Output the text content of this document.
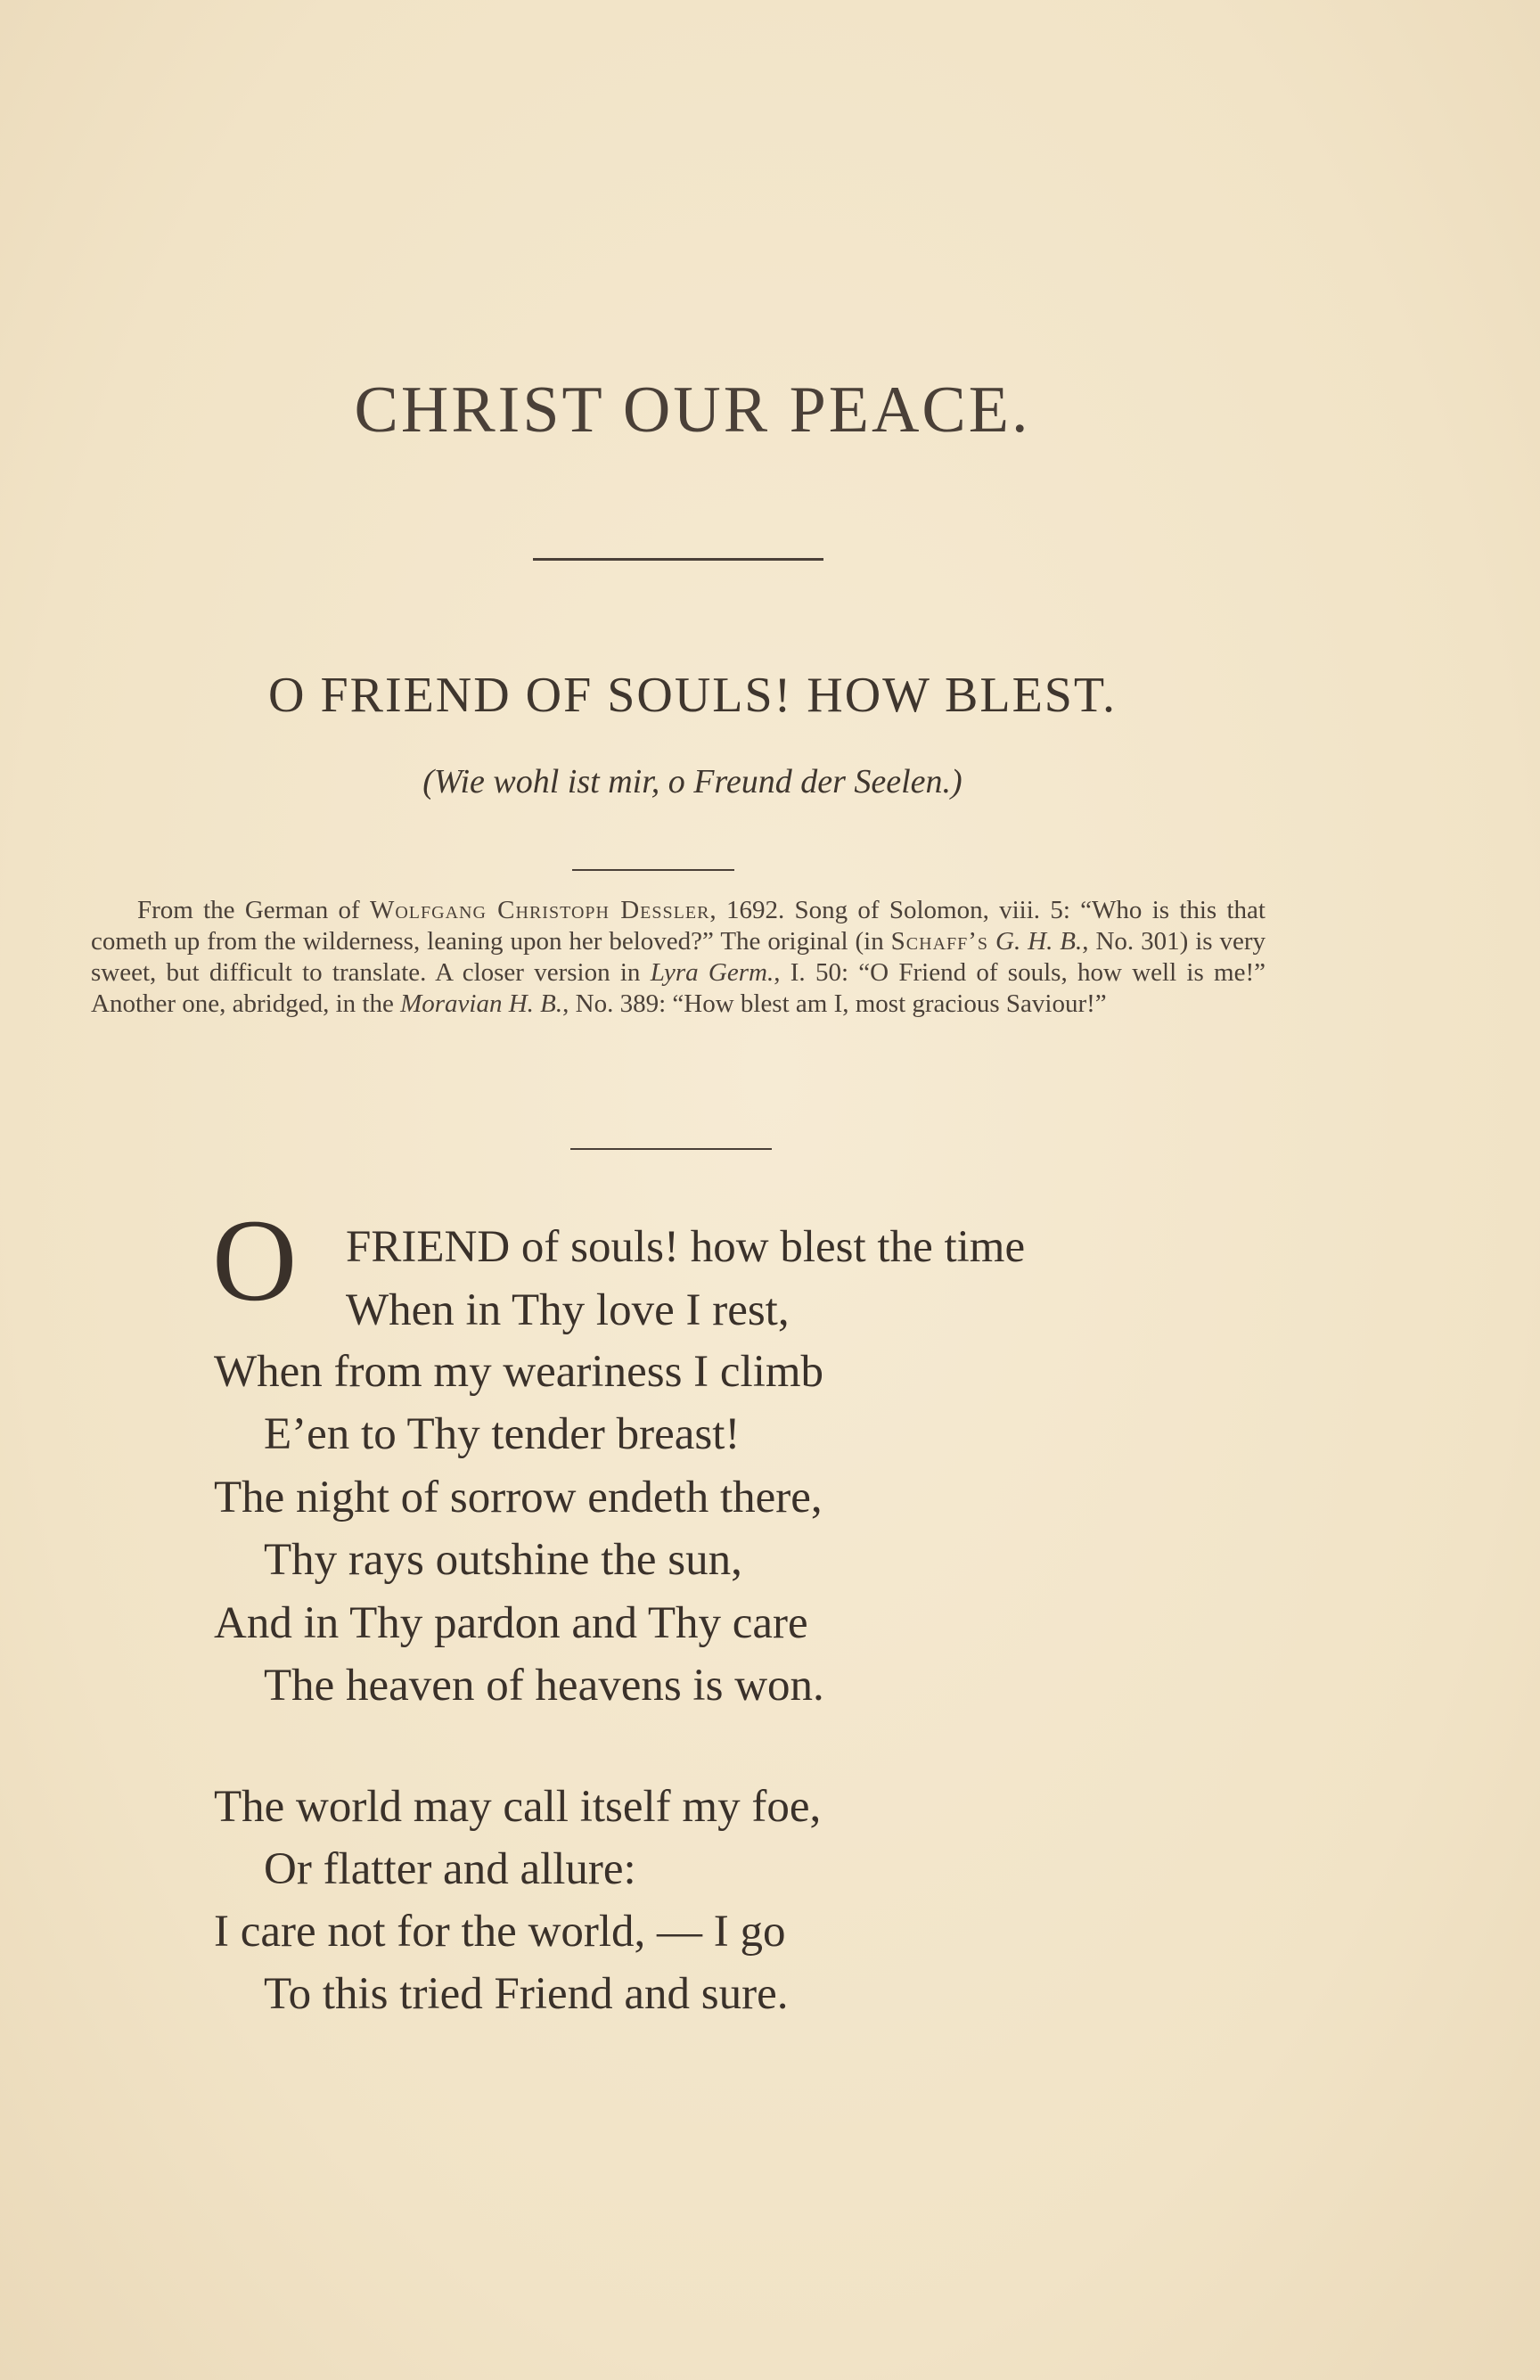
CHRIST OUR PEACE.
O FRIEND OF SOULS! HOW BLEST.
(Wie wohl ist mir, o Freund der Seelen.)
From the German of Wolfgang Christoph Dessler, 1692. Song of Solomon, viii. 5: “Who is this that cometh up from the wilderness, leaning upon her beloved?” The original (in Schaff’s G. H. B., No. 301) is very sweet, but difficult to translate. A closer version in Lyra Germ., I. 50: “O Friend of souls, how well is me!” Another one, abridged, in the Moravian H. B., No. 389: “How blest am I, most gracious Saviour!”
O FRIEND of souls! how blest the time
When in Thy love I rest,
When from my weariness I climb
E’en to Thy tender breast!
The night of sorrow endeth there,
Thy rays outshine the sun,
And in Thy pardon and Thy care
The heaven of heavens is won.
The world may call itself my foe,
Or flatter and allure:
I care not for the world, — I go
To this tried Friend and sure.
